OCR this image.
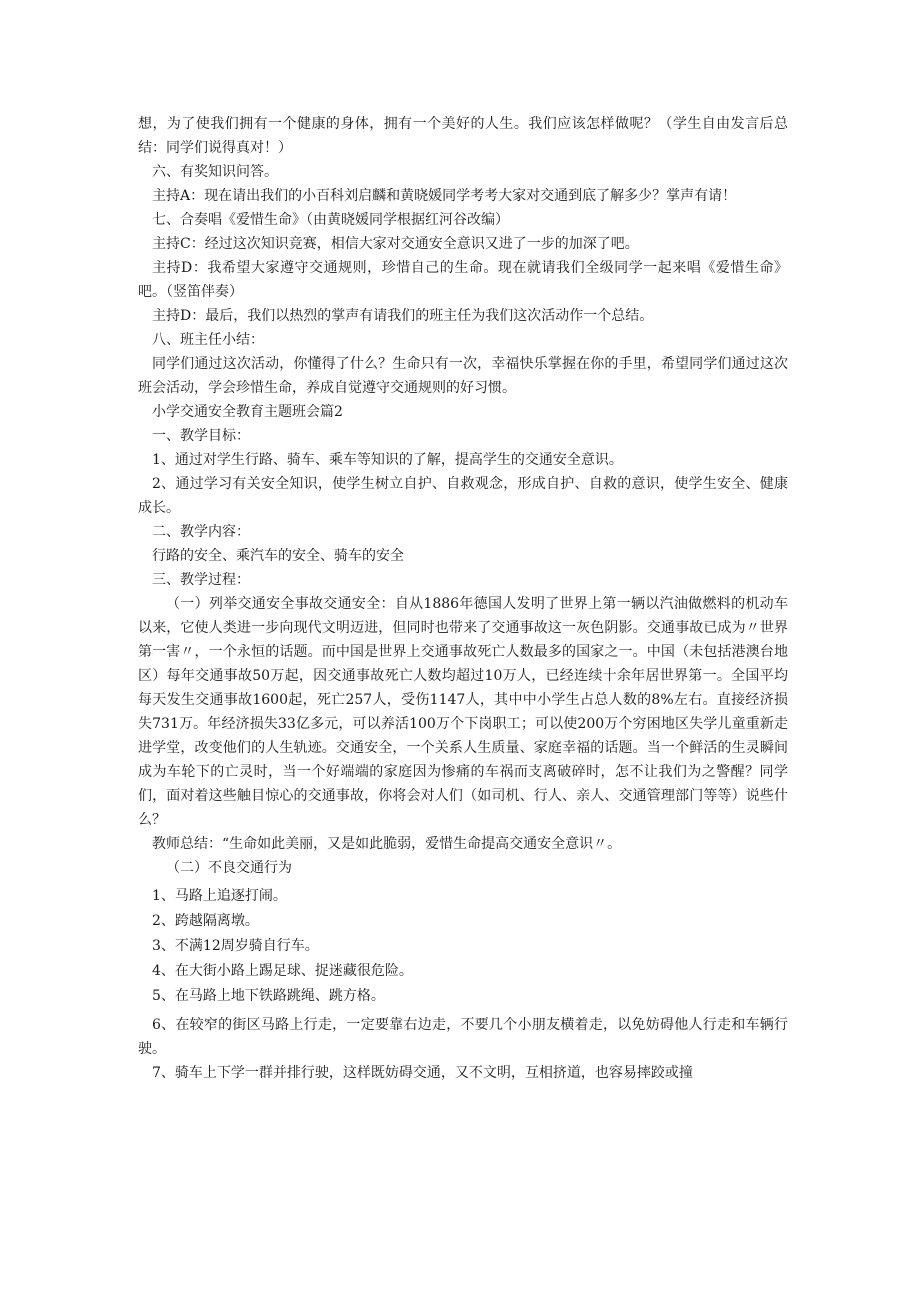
想，为了使我们拥有一个健康的身体，拥有一个美好的人生。我们应该怎样做呢？（学生自由发言后总结：同学们说得真对！）

六、有奖知识问答。

主持A：现在请出我们的小百科刘启麟和黄晓媛同学考考大家对交通到底了解多少？掌声有请！

七、合奏唱《爱惜生命》（由黄晓媛同学根据红河谷改编）

主持C：经过这次知识竞赛，相信大家对交通安全意识又进了一步的加深了吧。

主持D：我希望大家遵守交通规则，珍惜自己的生命。现在就请我们全级同学一起来唱《爱惜生命》吧。（竖笛伴奏）

主持D：最后，我们以热烈的掌声有请我们的班主任为我们这次活动作一个总结。

八、班主任小结：

同学们通过这次活动，你懂得了什么？生命只有一次，幸福快乐掌握在你的手里，希望同学们通过这次班会活动，学会珍惜生命，养成自觉遵守交通规则的好习惯。

小学交通安全教育主题班会篇2

一、教学目标：

1、通过对学生行路、骑车、乘车等知识的了解，提高学生的交通安全意识。

2、通过学习有关安全知识，使学生树立自护、自救观念，形成自护、自救的意识，使学生安全、健康成长。

二、教学内容：

行路的安全、乘汽车的安全、骑车的安全

三、教学过程：

（一）列举交通安全事故交通安全：自从1886年德国人发明了世界上第一辆以汽油做燃料的机动车以来，它使人类进一步向现代文明迈进，但同时也带来了交通事故这一灰色阴影。交通事故已成为〃世界第一害〃，一个永恒的话题。而中国是世界上交通事故死亡人数最多的国家之一。中国（未包括港澳台地区）每年交通事故50万起，因交通事故死亡人数均超过10万人，已经连续十余年居世界第一。全国平均每天发生交通事故1600起，死亡257人，受伤1147人，其中中小学生占总人数的8%左右。直接经济损失731万。年经济损失33亿多元，可以养活100万个下岗职工；可以使200万个穷困地区失学儿童重新走进学堂，改变他们的人生轨迹。交通安全，一个关系人生质量、家庭幸福的话题。当一个鲜活的生灵瞬间成为车轮下的亡灵时，当一个好端端的家庭因为惨痛的车祸而支离破碎时，怎不让我们为之警醒？同学们，面对着这些触目惊心的交通事故，你将会对人们（如司机、行人、亲人、交通管理部门等等）说些什么？

教师总结：“生命如此美丽，又是如此脆弱，爱惜生命提高交通安全意识〃。

（二）不良交通行为

1、马路上追逐打闹。

2、跨越隔离墩。

3、不满12周岁骑自行车。

4、在大街小路上踢足球、捉迷藏很危险。

5、在马路上地下铁路跳绳、跳方格。

6、在较窄的街区马路上行走，一定要靠右边走，不要几个小朋友横着走，以免妨碍他人行走和车辆行驶。

7、骑车上下学一群并排行驶，这样既妨碍交通，又不文明，互相挤道，也容易摔跤或撞
